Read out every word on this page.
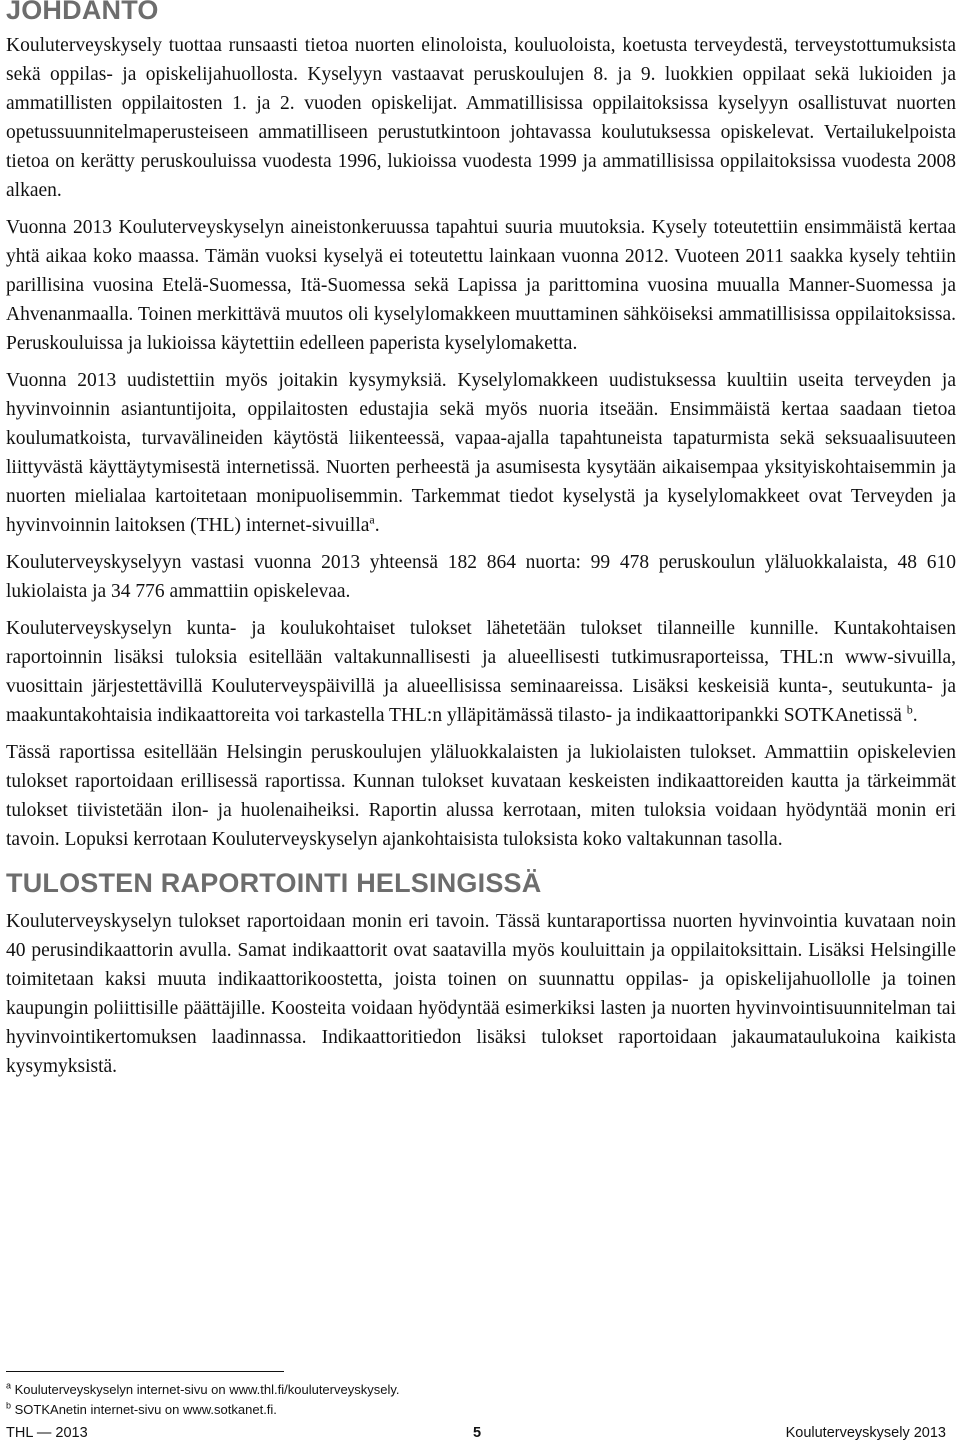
JOHDANTO

Kouluterveyskysely tuottaa runsaasti tietoa nuorten elinoloista, kouluoloista, koetusta terveydestä, terveystottumuksista sekä oppilas- ja opiskelijahuollosta. Kyselyyn vastaavat peruskoulujen 8. ja 9. luokkien oppilaat sekä lukioiden ja ammatillisten oppilaitosten 1. ja 2. vuoden opiskelijat. Ammatillisissa oppilaitoksissa kyselyyn osallistuvat nuorten opetussuunnitelmaperusteiseen ammatilliseen perustutkintoon johtavassa koulutuksessa opiskelevat. Vertailukelpoista tietoa on kerätty peruskouluissa vuodesta 1996, lukioissa vuodesta 1999 ja ammatillisissa oppilaitoksissa vuodesta 2008 alkaen.

Vuonna 2013 Kouluterveyskyselyn aineistonkeruussa tapahtui suuria muutoksia. Kysely toteutettiin ensimmäistä kertaa yhtä aikaa koko maassa. Tämän vuoksi kyselyä ei toteutettu lainkaan vuonna 2012. Vuoteen 2011 saakka kysely tehtiin parillisina vuosina Etelä-Suomessa, Itä-Suomessa sekä Lapissa ja parittomina vuosina muualla Manner-Suomessa ja Ahvenanmaalla. Toinen merkittävä muutos oli kyselylomakkeen muuttaminen sähköiseksi ammatillisissa oppilaitoksissa. Peruskouluissa ja lukioissa käytettiin edelleen paperista kyselylomaketta.

Vuonna 2013 uudistettiin myös joitakin kysymyksiä. Kyselylomakkeen uudistuksessa kuultiin useita terveyden ja hyvinvoinnin asiantuntijoita, oppilaitosten edustajia sekä myös nuoria itseään. Ensimmäistä kertaa saadaan tietoa koulumatkoista, turvavälineiden käytöstä liikenteessä, vapaa-ajalla tapahtuneista tapaturmista sekä seksuaalisuuteen liittyvästä käyttäytymisestä internetissä. Nuorten perheestä ja asumisesta kysytään aikaisempaa yksityiskohtaisemmin ja nuorten mielialaa kartoitetaan monipuolisemmin. Tarkemmat tiedot kyselystä ja kyselylomakkeet ovat Terveyden ja hyvinvoinnin laitoksen (THL) internet-sivuilla$^a$.

Kouluterveyskyselyyn vastasi vuonna 2013 yhteensä 182 864 nuorta: 99 478 peruskoulun yläluokkalaista, 48 610 lukiolaista ja 34 776 ammattiin opiskelevaa.

Kouluterveyskyselyn kunta- ja koulukohtaiset tulokset lähetetään tulokset tilanneille kunnille. Kuntakohtaisen raportoinnin lisäksi tuloksia esitellään valtakunnallisesti ja alueellisesti tutkimusraporteissa, THL:n www-sivuilla, vuosittain järjestettävillä Kouluterveyspäivillä ja alueellisissa seminaareissa. Lisäksi keskeisiä kunta-, seutukunta- ja maakuntakohtaisia indikaattoreita voi tarkastella THL:n ylläpitämässä tilasto- ja indikaattoripankki SOTKAnetissä $^b$.

Tässä raportissa esitellään Helsingin peruskoulujen yläluokkalaisten ja lukiolaisten tulokset. Ammattiin opiskelevien tulokset raportoidaan erillisessä raportissa. Kunnan tulokset kuvataan keskeisten indikaattoreiden kautta ja tärkeimmät tulokset tiivistetään ilon- ja huolenaiheiksi. Raportin alussa kerrotaan, miten tuloksia voidaan hyödyntää monin eri tavoin. Lopuksi kerrotaan Kouluterveyskyselyn ajankohtaisista tuloksista koko valtakunnan tasolla.

TULOSTEN RAPORTOINTI HELSINGISSÄ

Kouluterveyskyselyn tulokset raportoidaan monin eri tavoin. Tässä kuntaraportissa nuorten hyvinvointia kuvataan noin 40 perusindikaattorin avulla. Samat indikaattorit ovat saatavilla myös kouluittain ja oppilaitoksittain. Lisäksi Helsingille toimitetaan kaksi muuta indikaattorikoostetta, joista toinen on suunnattu oppilas- ja opiskelijahuollolle ja toinen kaupungin poliittisille päättäjille. Koosteita voidaan hyödyntää esimerkiksi lasten ja nuorten hyvinvointisuunnitelman tai hyvinvointikertomuksen laadinnassa. Indikaattoritiedon lisäksi tulokset raportoidaan jakaumataulukoina kaikista kysymyksistä.

$^a$ Kouluterveyskyselyn internet-sivu on www.thl.fi/kouluterveyskysely.
$^b$ SOTKAnetin internet-sivu on www.sotkanet.fi.
THL — 2013	5	Kouluterveyskysely 2013
